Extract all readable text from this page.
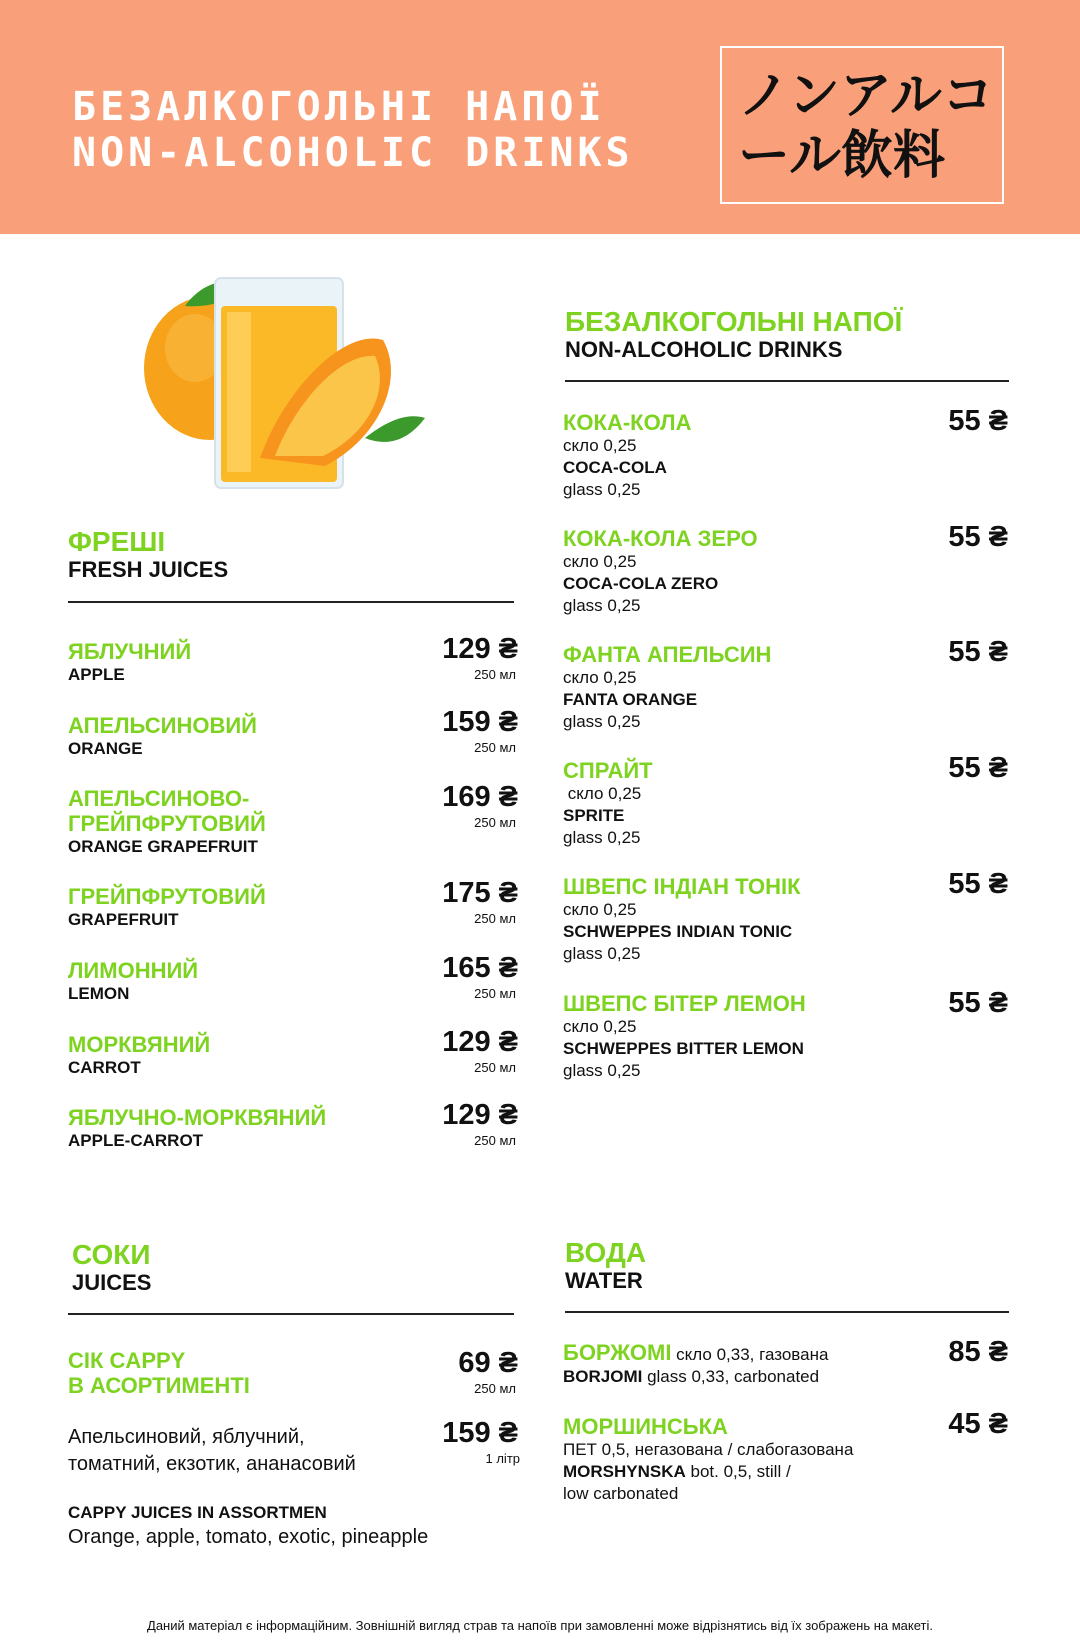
БЕЗАЛКОГОЛЬНІ НАПОЇ
NON-ALCOHOLIC DRINKS
ノンアルコール飲料
ФРЕШІ
FRESH JUICES
ЯБЛУЧНИЙ
APPLE
129 ₴
250 мл
АПЕЛЬСИНОВИЙ
ORANGE
159 ₴
250 мл
АПЕЛЬСИНОВО-
ГРЕЙПФРУТОВИЙ
ORANGE GRAPEFRUIT
169 ₴
250 мл
ГРЕЙПФРУТОВИЙ
GRAPEFRUIT
175 ₴
250 мл
ЛИМОННИЙ
LEMON
165 ₴
250 мл
МОРКВЯНИЙ
CARROT
129 ₴
250 мл
ЯБЛУЧНО-МОРКВЯНИЙ
APPLE-CARROT
129 ₴
250 мл
БЕЗАЛКОГОЛЬНІ НАПОЇ
NON-ALCOHOLIC DRINKS
КОКА-КОЛА
скло 0,25
COCA-COLA
glass 0,25
55 ₴
КОКА-КОЛА ЗЕРО
скло 0,25
COCA-COLA ZERO
glass 0,25
55 ₴
ФАНТА АПЕЛЬСИН
скло 0,25
FANTA ORANGE
glass 0,25
55 ₴
СПРАЙТ
скло 0,25
SPRITE
glass 0,25
55 ₴
ШВЕПС ІНДІАН ТОНІК
скло 0,25
SCHWEPPES INDIAN TONIC
glass 0,25
55 ₴
ШВЕПС БІТЕР ЛЕМОН
скло 0,25
SCHWEPPES BITTER LEMON
glass 0,25
55 ₴
СОКИ
JUICES
СІК CAPPY
В АСОРТИМЕНТІ
69 ₴
250 мл
Апельсиновий, яблучний,
томатний, екзотик, ананасовий
159 ₴
1 літр
CAPPY JUICES IN ASSORTMEN
Orange, apple, tomato, exotic, pineapple
ВОДА
WATER
БОРЖОМІ скло 0,33, газована
BORJOMI glass 0,33, carbonated
85 ₴
МОРШИНСЬКА
ПЕТ 0,5, негазована / слабогазована
MORSHYNSKA bot. 0,5, still /
low carbonated
45 ₴
Даний матеріал є інформаційним. Зовнішній вигляд страв та напоїв при замовленні може відрізнятись від їх зображень на макеті.
